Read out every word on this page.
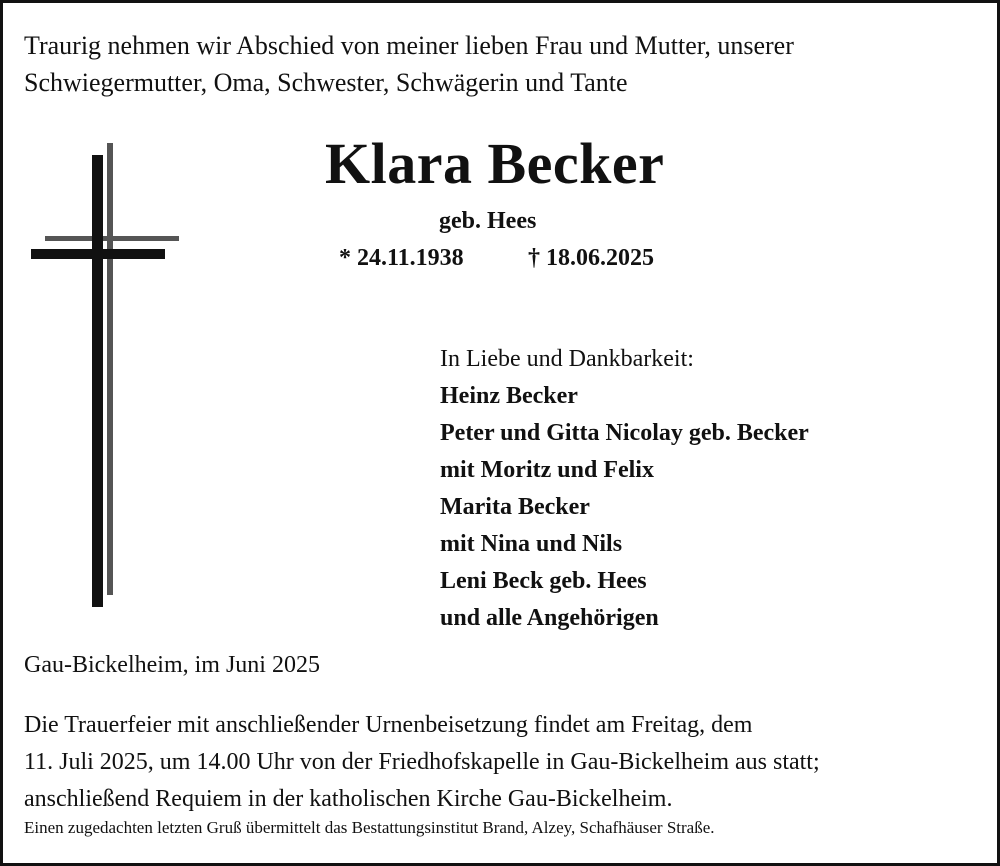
Traurig nehmen wir Abschied von meiner lieben Frau und Mutter, unserer
Schwiegermutter, Oma, Schwester, Schwägerin und Tante
Klara Becker
geb. Hees
* 24.11.1938	† 18.06.2025
In Liebe und Dankbarkeit:
Heinz Becker
Peter und Gitta Nicolay geb. Becker
mit Moritz und Felix
Marita Becker
mit Nina und Nils
Leni Beck geb. Hees
und alle Angehörigen
Gau-Bickelheim, im Juni 2025
Die Trauerfeier mit anschließender Urnenbeisetzung findet am Freitag, dem
11. Juli 2025, um 14.00 Uhr von der Friedhofskapelle in Gau-Bickelheim aus statt;
anschließend Requiem in der katholischen Kirche Gau-Bickelheim.
Einen zugedachten letzten Gruß übermittelt das Bestattungsinstitut Brand, Alzey, Schafhäuser Straße.
